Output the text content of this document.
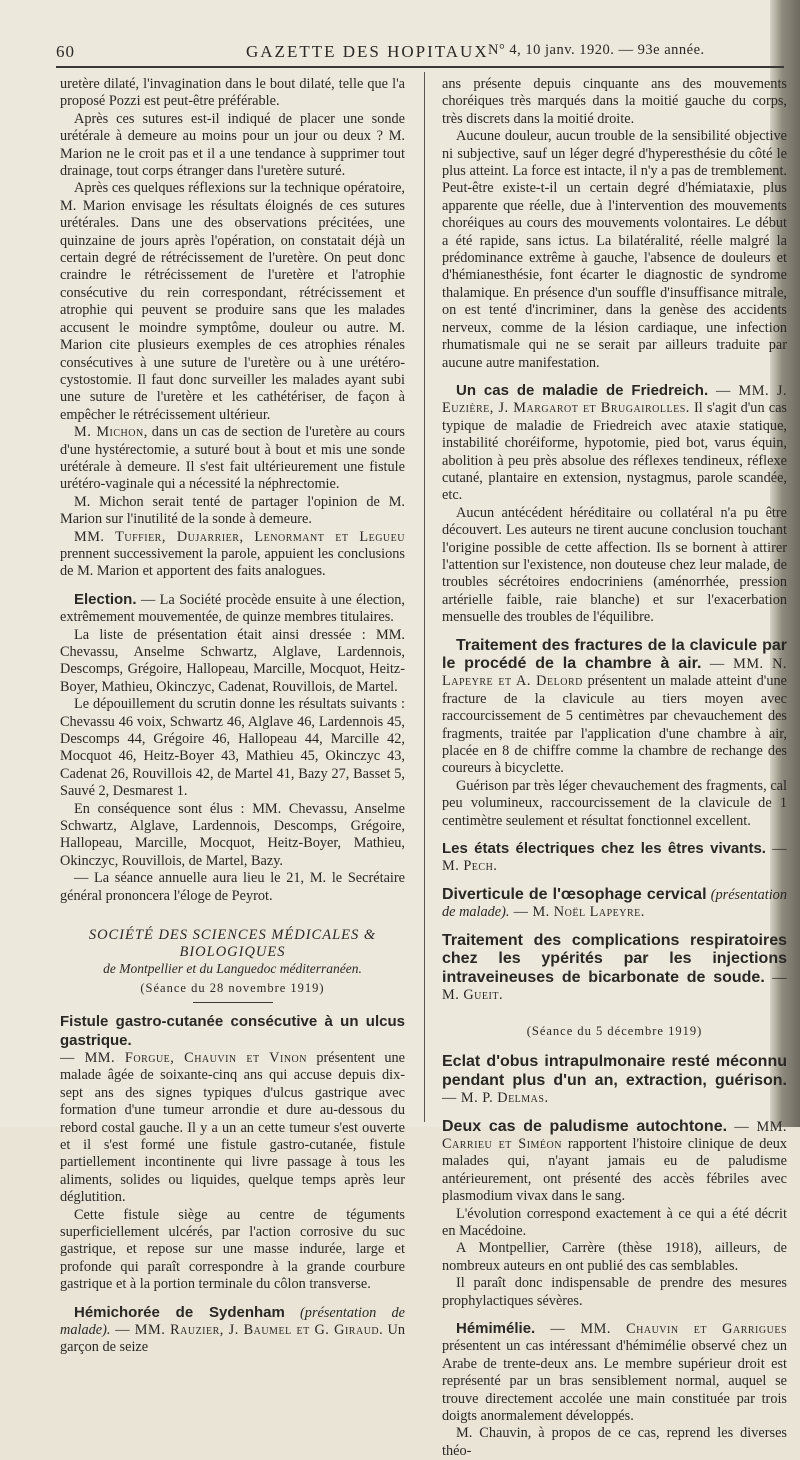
60	GAZETTE DES HOPITAUX N° 4, 10 janv. 1920. — 93e année.

uretère dilaté, l'invagination dans le bout dilaté, telle que l'a proposé Pozzi est peut-être préférable.

Après ces sutures est-il indiqué de placer une sonde urétérale à demeure au moins pour un jour ou deux ? M. Marion ne le croit pas et il a une tendance à supprimer tout drainage, tout corps étranger dans l'uretère suturé.

Après ces quelques réflexions sur la technique opératoire, M. Marion envisage les résultats éloignés de ces sutures urétérales. Dans une des observations précitées, une quinzaine de jours après l'opération, on constatait déjà un certain degré de rétrécissement de l'uretère. On peut donc craindre le rétrécissement de l'uretère et l'atrophie consécutive du rein correspondant, rétrécissement et atrophie qui peuvent se produire sans que les malades accusent le moindre symptôme, douleur ou autre. M. Marion cite plusieurs exemples de ces atrophies rénales consécutives à une suture de l'uretère ou à une urétéro-cystostomie. Il faut donc surveiller les malades ayant subi une suture de l'uretère et les cathétériser, de façon à empêcher le rétrécissement ultérieur.

M. Michon, dans un cas de section de l'uretère au cours d'une hystérectomie, a suturé bout à bout et mis une sonde urétérale à demeure. Il s'est fait ultérieurement une fistule urétéro-vaginale qui a nécessité la néphrectomie.

M. Michon serait tenté de partager l'opinion de M. Marion sur l'inutilité de la sonde à demeure.

MM. Tuffier, Dujarrier, Lenormant et Legueu prennent successivement la parole, appuient les conclusions de M. Marion et apportent des faits analogues.

Election. — La Société procède ensuite à une élection, extrêmement mouvementée, de quinze membres titulaires.

La liste de présentation était ainsi dressée : MM. Chevassu, Anselme Schwartz, Alglave, Lardennois, Descomps, Grégoire, Hallopeau, Marcille, Mocquot, Heitz-Boyer, Mathieu, Okinczyc, Cadenat, Rouvillois, de Martel.

Le dépouillement du scrutin donne les résultats suivants : Chevassu 46 voix, Schwartz 46, Alglave 46, Lardennois 45, Descomps 44, Grégoire 46, Hallopeau 44, Marcille 42, Mocquot 46, Heitz-Boyer 43, Mathieu 45, Okinczyc 43, Cadenat 26, Rouvillois 42, de Martel 41, Bazy 27, Basset 5, Sauvé 2, Desmarest 1.

En conséquence sont élus : MM. Chevassu, Anselme Schwartz, Alglave, Lardennois, Descomps, Grégoire, Hallopeau, Marcille, Mocquot, Heitz-Boyer, Mathieu, Okinczyc, Rouvillois, de Martel, Bazy.

— La séance annuelle aura lieu le 21, M. le Secrétaire général prononcera l'éloge de Peyrot.

SOCIÉTÉ DES SCIENCES MÉDICALES & BIOLOGIQUES
de Montpellier et du Languedoc méditerranéen.
(Séance du 28 novembre 1919)

Fistule gastro-cutanée consécutive à un ulcus gastrique.

— MM. Forgue, Chauvin et Vinon présentent une malade âgée de soixante-cinq ans qui accuse depuis dix-sept ans des signes typiques d'ulcus gastrique avec formation d'une tumeur arrondie et dure au-dessous du rebord costal gauche. Il y a un an cette tumeur s'est ouverte et il s'est formé une fistule gastro-cutanée, fistule partiellement incontinente qui livre passage à tous les aliments, solides ou liquides, quelque temps après leur déglutition.

Cette fistule siège au centre de téguments superficiellement ulcérés, par l'action corrosive du suc gastrique, et repose sur une masse indurée, large et profonde qui paraît correspondre à la grande courbure gastrique et à la portion terminale du côlon transverse.

Hémichorée de Sydenham (présentation de malade). — MM. Rauzier, J. Baumel et G. Giraud. Un garçon de seize

ans présente depuis cinquante ans des mouvements choréiques très marqués dans la moitié gauche du corps, très discrets dans la moitié droite.

Aucune douleur, aucun trouble de la sensibilité objective ni subjective, sauf un léger degré d'hyperesthésie du côté le plus atteint. La force est intacte, il n'y a pas de tremblement. Peut-être existe-t-il un certain degré d'hémiataxie, plus apparente que réelle, due à l'intervention des mouvements choréiques au cours des mouvements volontaires. Le début a été rapide, sans ictus. La bilatéralité, réelle malgré la prédominance extrême à gauche, l'absence de douleurs et d'hémianesthésie, font écarter le diagnostic de syndrome thalamique. En présence d'un souffle d'insuffisance mitrale, on est tenté d'incriminer, dans la genèse des accidents nerveux, comme de la lésion cardiaque, une infection rhumatismale qui ne se serait par ailleurs traduite par aucune autre manifestation.

Un cas de maladie de Friedreich. — MM. J. Euzière, J. Margarot et Brugairolles. Il s'agit d'un cas typique de maladie de Friedreich avec ataxie statique, instabilité choréiforme, hypotomie, pied bot, varus équin, abolition à peu près absolue des réflexes tendineux, réflexe cutané, plantaire en extension, nystagmus, parole scandée, etc.

Aucun antécédent héréditaire ou collatéral n'a pu être découvert. Les auteurs ne tirent aucune conclusion touchant l'origine possible de cette affection. Ils se bornent à attirer l'attention sur l'existence, non douteuse chez leur malade, de troubles sécrétoires endocriniens (aménorrhée, pression artérielle faible, raie blanche) et sur l'exacerbation mensuelle des troubles de l'équilibre.

Traitement des fractures de la clavicule par le procédé de la chambre à air. — MM. N. Lapeyre et A. Delord présentent un malade atteint d'une fracture de la clavicule au tiers moyen avec raccourcissement de 5 centimètres par chevauchement des fragments, traitée par l'application d'une chambre à air, placée en 8 de chiffre comme la chambre de rechange des coureurs à bicyclette.

Guérison par très léger chevauchement des fragments, cal peu volumineux, raccourcissement de la clavicule de 1 centimètre seulement et résultat fonctionnel excellent.

Les états électriques chez les êtres vivants. — M. Pech.

Diverticule de l'œsophage cervical (présentation de malade). — M. Noël Lapeyre.

Traitement des complications respiratoires chez les ypérités par les injections intraveineuses de bicarbonate de soude. — M. Gueit.

(Séance du 5 décembre 1919)

Eclat d'obus intrapulmonaire resté méconnu pendant plus d'un an, extraction, guérison. — M. P. Delmas.

Deux cas de paludisme autochtone. — MM. Carrieu et Siméon rapportent l'histoire clinique de deux malades qui, n'ayant jamais eu de paludisme antérieurement, ont présenté des accès fébriles avec plasmodium vivax dans le sang.

L'évolution correspond exactement à ce qui a été décrit en Macédoine.

A Montpellier, Carrère (thèse 1918), ailleurs, de nombreux auteurs en ont publié des cas semblables.

Il paraît donc indispensable de prendre des mesures prophylactiques sévères.

Hémimélie. — MM. Chauvin et Garrigues présentent un cas intéressant d'hémimélie observé chez un Arabe de trente-deux ans. Le membre supérieur droit est représenté par un bras sensiblement normal, auquel se trouve directement accolée une main constituée par trois doigts anormalement développés.

M. Chauvin, à propos de ce cas, reprend les diverses théo-
